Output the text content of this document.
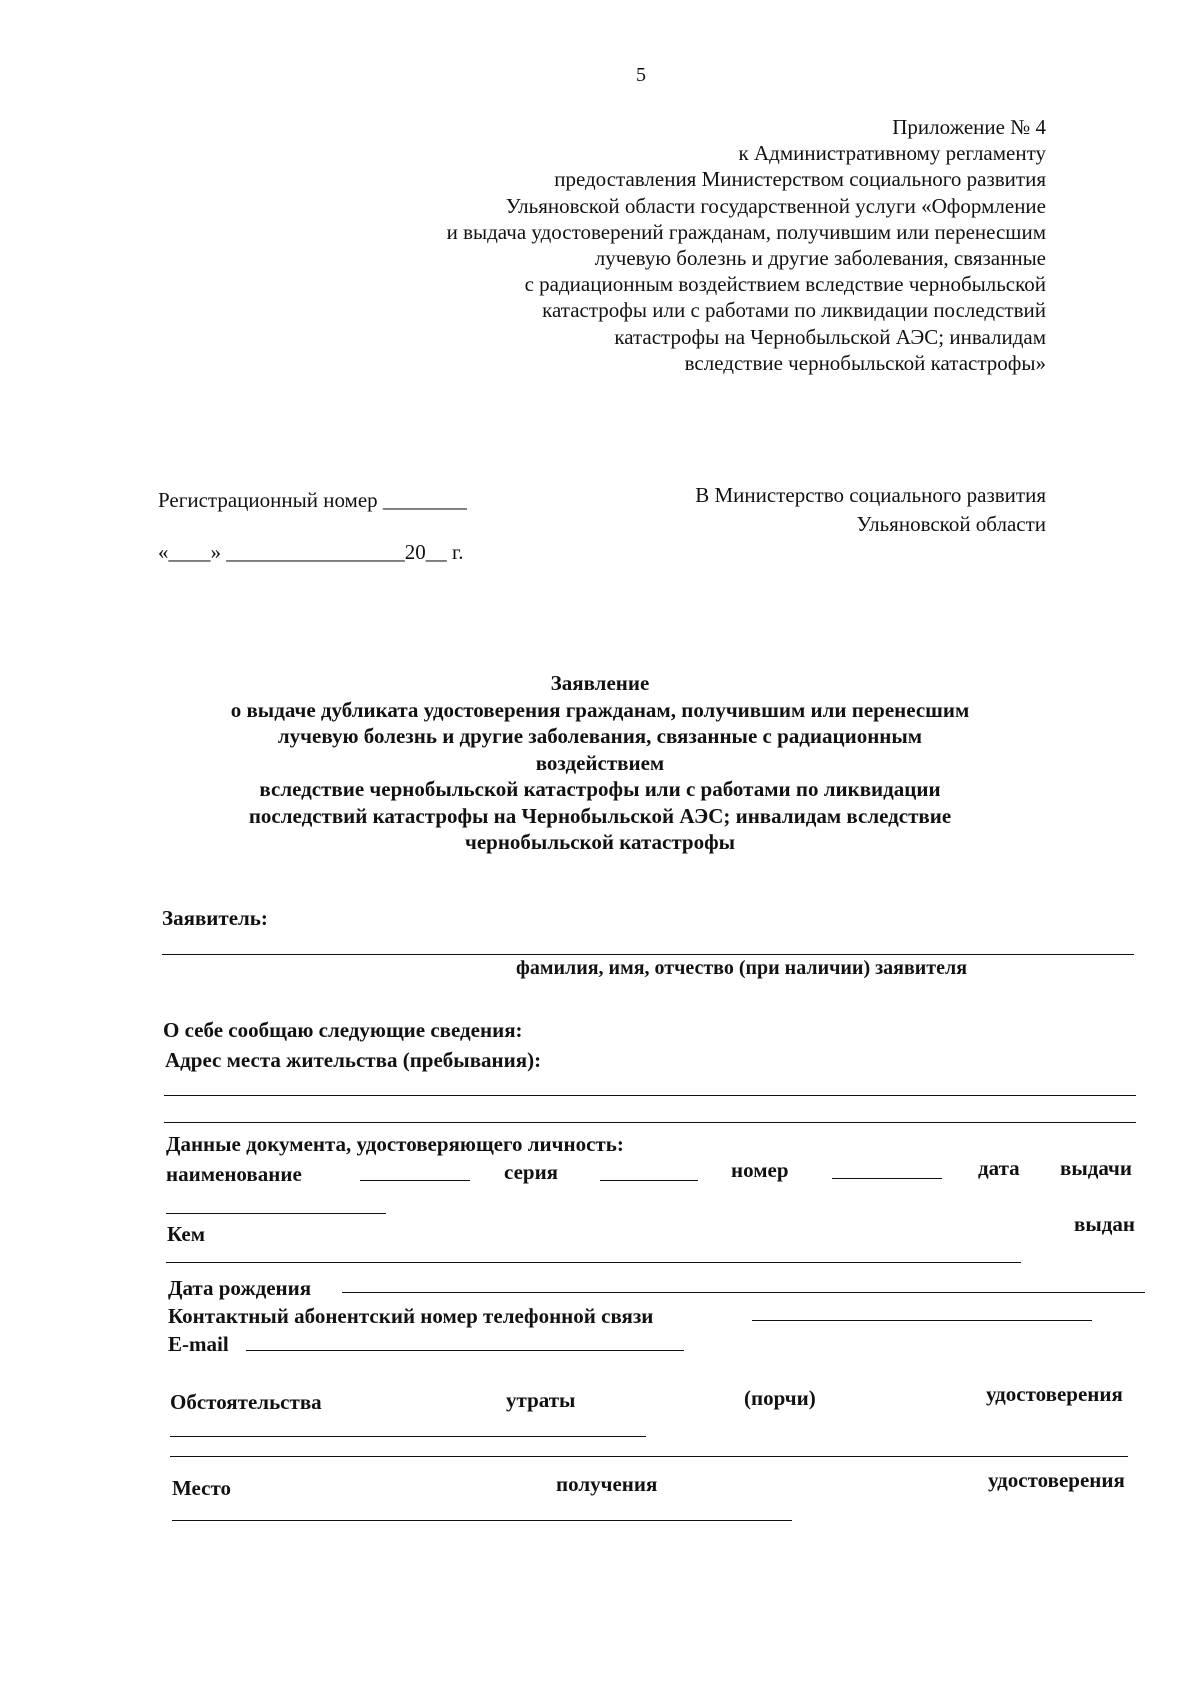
5
Приложение № 4
к Административному регламенту
предоставления Министерством социального развития
Ульяновской области государственной услуги «Оформление
и выдача удостоверений гражданам, получившим или перенесшим
лучевую болезнь и другие заболевания, связанные
с радиационным воздействием вследствие чернобыльской
катастрофы или с работами по ликвидации последствий
катастрофы на Чернобыльской АЭС; инвалидам
вследствие чернобыльской катастрофы»
Регистрационный номер ________
«____» _________________20__ г.
В Министерство социального развития
Ульяновской области
Заявление
о выдаче дубликата удостоверения гражданам, получившим или перенесшим
лучевую болезнь и другие заболевания, связанные с радиационным
воздействием
вследствие чернобыльской катастрофы или с работами по ликвидации
последствий катастрофы на Чернобыльской АЭС; инвалидам вследствие
чернобыльской катастрофы
Заявитель:
фамилия, имя, отчество (при наличии) заявителя
О себе сообщаю следующие сведения:
Адрес места жительства (пребывания):
Данные документа, удостоверяющего личность:
наименование	серия	номер	дата выдачи
Кем	выдан
Дата рождения
Контактный абонентский номер телефонной связи
E-mail
Обстоятельства	утраты	(порчи)	удостоверения
Место	получения	удостоверения
